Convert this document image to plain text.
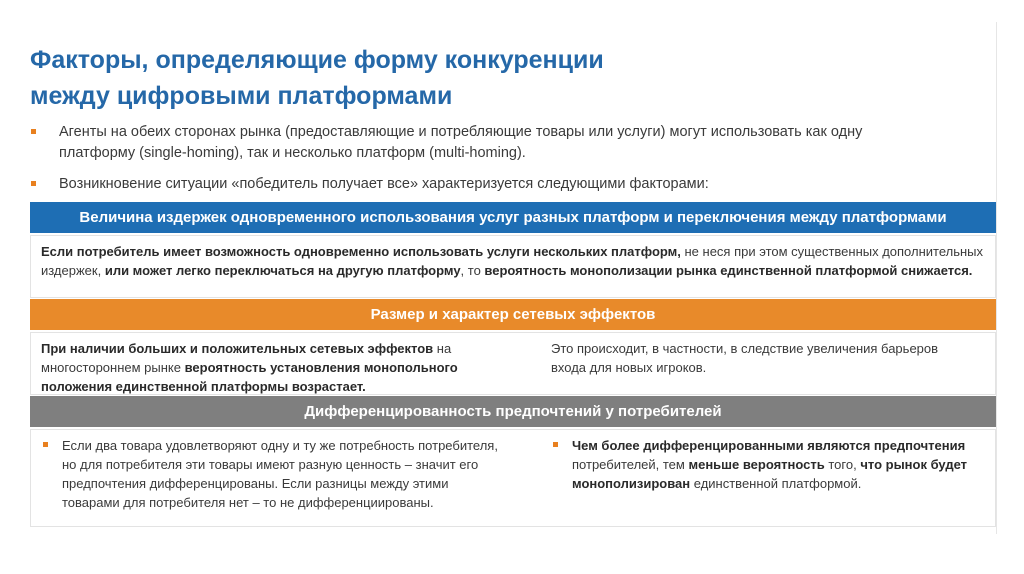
Факторы, определяющие форму конкуренции
между цифровыми платформами
Агенты на обеих сторонах рынка (предоставляющие и потребляющие товары или услуги) могут использовать как одну
платформу (single-homing), так и несколько платформ (multi-homing).
Возникновение ситуации «победитель получает все» характеризуется следующими факторами:
Величина издержек одновременного использования услуг разных платформ и переключения между платформами

Если потребитель имеет возможность одновременно использовать услуги нескольких платформ, не неся при этом существенных дополнительных издержек, или может легко переключаться на другую платформу, то вероятность монополизации рынка единственной платформой снижается.

Размер и характер сетевых эффектов

При наличии больших и положительных сетевых эффектов на многостороннем рынке вероятность установления монопольного положения единственной платформы возрастает.

Это происходит, в частности, в следствие увеличения барьеров входа для новых игроков.

Дифференцированность предпочтений у потребителей

Если два товара удовлетворяют одну и ту же потребность потребителя, но для потребителя эти товары имеют разную ценность – значит его предпочтения дифференцированы. Если разницы между этими товарами для потребителя нет – то не дифференциированы.

Чем более дифференцированными являются предпочтения потребителей, тем меньше вероятность того, что рынок будет монополизирован единственной платформой.
